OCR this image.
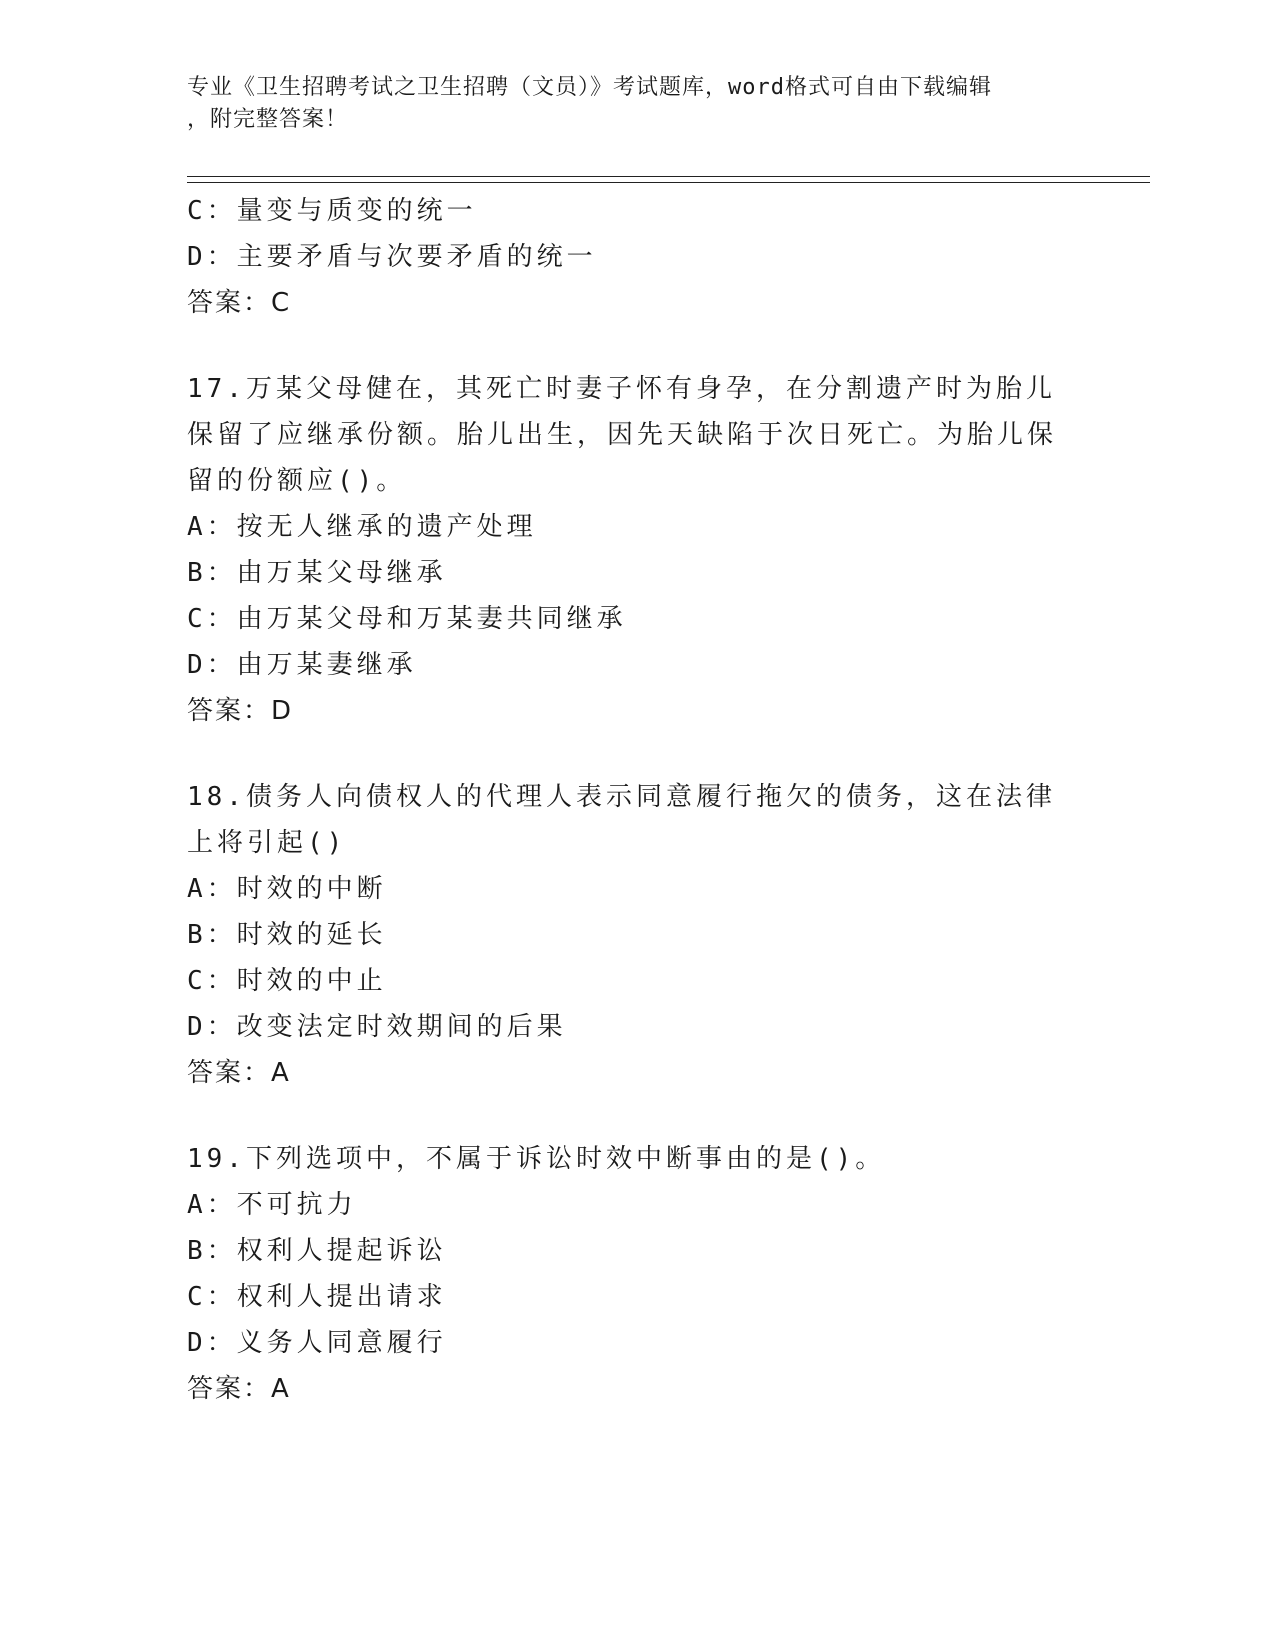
专业《卫生招聘考试之卫生招聘（文员）》考试题库，word格式可自由下载编辑
，附完整答案！
C：量变与质变的统一
D：主要矛盾与次要矛盾的统一
答案：C
17.万某父母健在，其死亡时妻子怀有身孕，在分割遗产时为胎儿保留了应继承份额。胎儿出生，因先天缺陷于次日死亡。为胎儿保留的份额应()。
A：按无人继承的遗产处理
B：由万某父母继承
C：由万某父母和万某妻共同继承
D：由万某妻继承
答案：D
18.债务人向债权人的代理人表示同意履行拖欠的债务，这在法律上将引起()
A：时效的中断
B：时效的延长
C：时效的中止
D：改变法定时效期间的后果
答案：A
19.下列选项中，不属于诉讼时效中断事由的是()。
A：不可抗力
B：权利人提起诉讼
C：权利人提出请求
D：义务人同意履行
答案：A
